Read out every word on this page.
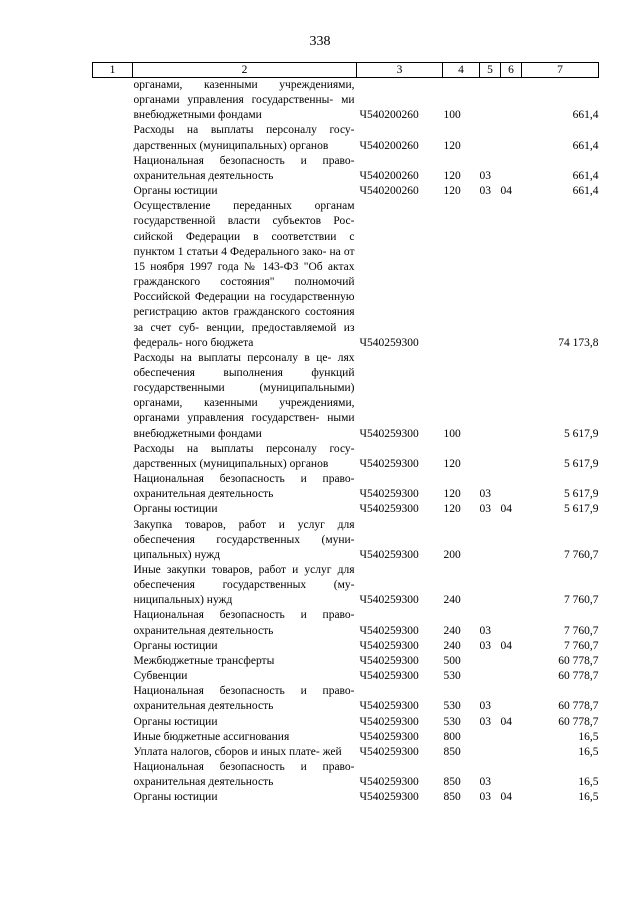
338
1	2	3	4	5	6	7
	органами, казенными учреждениями, органами управления государственны- ми внебюджетными фондами	Ч540200260	100			661,4
	Расходы на выплаты персоналу госу- дарственных (муниципальных) органов	Ч540200260	120			661,4
	Национальная безопасность и право- охранительная деятельность	Ч540200260	120	03		661,4
	Органы юстиции	Ч540200260	120	03	04	661,4
	Осуществление переданных органам государственной власти субъектов Рос- сийской Федерации в соответствии с пунктом 1 статьи 4 Федерального зако- на от 15 ноября 1997 года № 143-ФЗ "Об актах гражданского состояния" полномочий Российской Федерации на государственную регистрацию актов гражданского состояния за счет суб- венции, предоставляемой из федераль- ного бюджета	Ч540259300				74 173,8
	Расходы на выплаты персоналу в це- лях обеспечения выполнения функций государственными (муниципальными) органами, казенными учреждениями, органами управления государствен- ными внебюджетными фондами	Ч540259300	100			5 617,9
	Расходы на выплаты персоналу госу- дарственных (муниципальных) органов	Ч540259300	120			5 617,9
	Национальная безопасность и право- охранительная деятельность	Ч540259300	120	03		5 617,9
	Органы юстиции	Ч540259300	120	03	04	5 617,9
	Закупка товаров, работ и услуг для обеспечения государственных (муни- ципальных) нужд	Ч540259300	200			7 760,7
	Иные закупки товаров, работ и услуг для обеспечения государственных (му- ниципальных) нужд	Ч540259300	240			7 760,7
	Национальная безопасность и право- охранительная деятельность	Ч540259300	240	03		7 760,7
	Органы юстиции	Ч540259300	240	03	04	7 760,7
	Межбюджетные трансферты	Ч540259300	500			60 778,7
	Субвенции	Ч540259300	530			60 778,7
	Национальная безопасность и право- охранительная деятельность	Ч540259300	530	03		60 778,7
	Органы юстиции	Ч540259300	530	03	04	60 778,7
	Иные бюджетные ассигнования	Ч540259300	800			16,5
	Уплата налогов, сборов и иных плате- жей	Ч540259300	850			16,5
	Национальная безопасность и право- охранительная деятельность	Ч540259300	850	03		16,5
	Органы юстиции	Ч540259300	850	03	04	16,5
